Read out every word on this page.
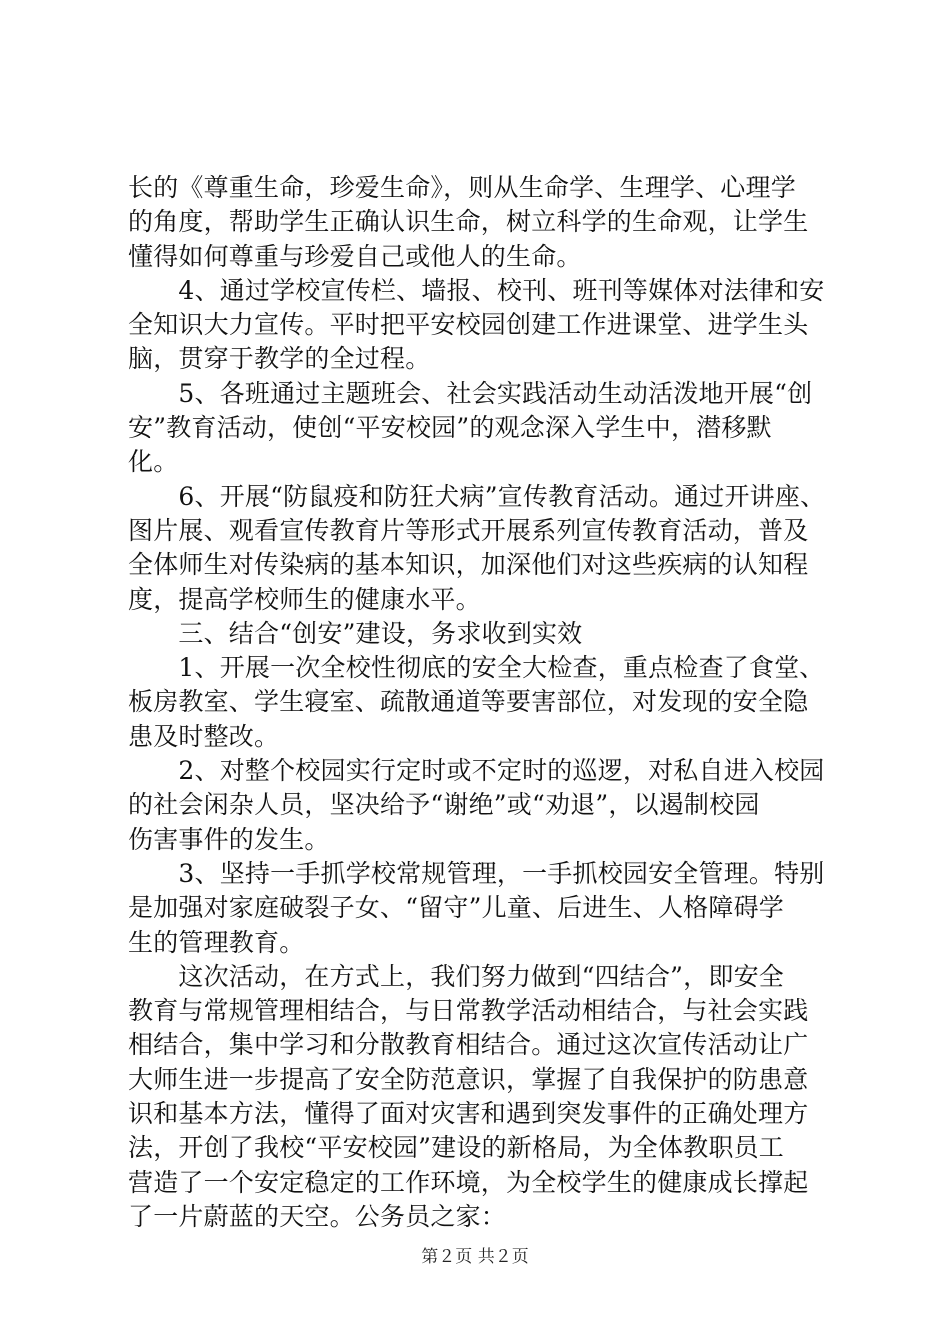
长的《尊重生命，珍爱生命》，则从生命学、生理学、心理学
的角度，帮助学生正确认识生命，树立科学的生命观，让学生
懂得如何尊重与珍爱自己或他人的生命。
　　4、通过学校宣传栏、墙报、校刊、班刊等媒体对法律和安
全知识大力宣传。平时把平安校园创建工作进课堂、进学生头
脑，贯穿于教学的全过程。
　　5、各班通过主题班会、社会实践活动生动活泼地开展“创
安”教育活动，使创“平安校园”的观念深入学生中，潜移默
化。
　　6、开展“防鼠疫和防狂犬病”宣传教育活动。通过开讲座、
图片展、观看宣传教育片等形式开展系列宣传教育活动，普及
全体师生对传染病的基本知识，加深他们对这些疾病的认知程
度，提高学校师生的健康水平。
　　三、结合“创安”建设，务求收到实效
　　1、开展一次全校性彻底的安全大检查，重点检查了食堂、
板房教室、学生寝室、疏散通道等要害部位，对发现的安全隐
患及时整改。
　　2、对整个校园实行定时或不定时的巡逻，对私自进入校园
的社会闲杂人员，坚决给予“谢绝”或“劝退”，以遏制校园
伤害事件的发生。
　　3、坚持一手抓学校常规管理，一手抓校园安全管理。特别
是加强对家庭破裂子女、“留守”儿童、后进生、人格障碍学
生的管理教育。
　　这次活动，在方式上，我们努力做到“四结合”，即安全
教育与常规管理相结合，与日常教学活动相结合，与社会实践
相结合，集中学习和分散教育相结合。通过这次宣传活动让广
大师生进一步提高了安全防范意识，掌握了自我保护的防患意
识和基本方法，懂得了面对灾害和遇到突发事件的正确处理方
法，开创了我校“平安校园”建设的新格局，为全体教职员工
营造了一个安定稳定的工作环境，为全校学生的健康成长撑起
了一片蔚蓝的天空。公务员之家：
第２页 共２页
